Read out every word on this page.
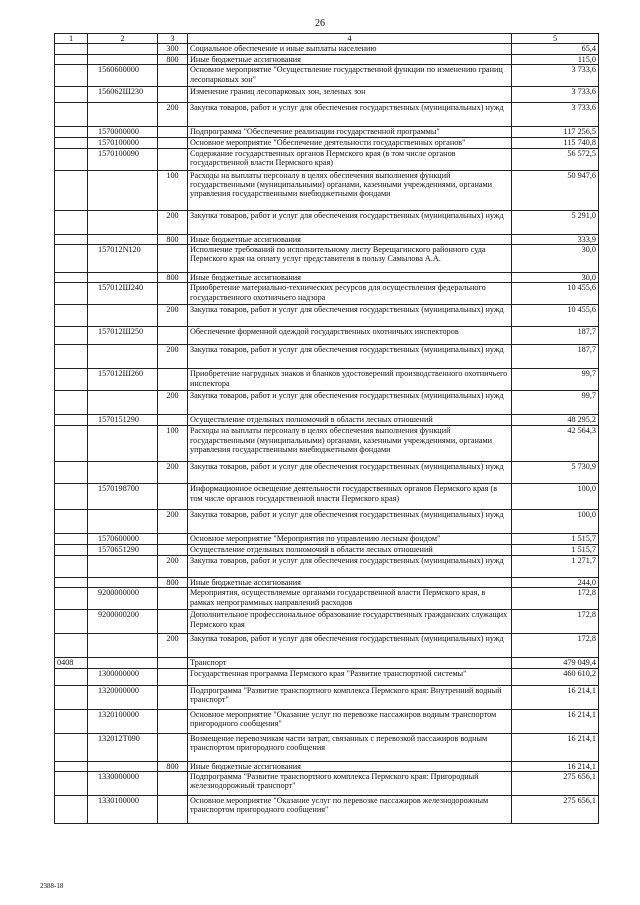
26
1	2	3	4	5
		300	Социальное обеспечение и иные выплаты населению	65,4
		800	Иные бюджетные ассигнования	115,0
	1560600000		Основное мероприятие "Осуществление государственной функции по изменению границ лесопарковых зон"	3 733,6
	156062Ш230		Изменение границ лесопарковых зон, зеленых зон	3 733,6
		200	Закупка товаров, работ и услуг для обеспечения государственных (муниципальных) нужд	3 733,6
	1570000000		Подпрограмма "Обеспечение реализации государственной программы"	117 256,5
	1570100000		Основное мероприятие "Обеспечение деятельности государственных органов"	115 740,8
	1570100090		Содержание государственных органов Пермского края (в том числе органов государственной власти Пермского края)	56 572,5
		100	Расходы на выплаты персоналу в целях обеспечения выполнения функций государственными (муниципальными) органами, казенными учреждениями, органами управления государственными внебюджетными фондами	50 947,6
		200	Закупка товаров, работ и услуг для обеспечения государственных (муниципальных) нужд	5 291,0
		800	Иные бюджетные ассигнования	333,9
	157012N120		Исполнение требований по исполнительному листу Верещагинского районного суда Пермского края на оплату услуг представителя в пользу Самылова А.А.	30,0
		800	Иные бюджетные ассигнования	30,0
	157012Ш240		Приобретение материально-технических ресурсов для осуществления федерального государственного охотничьего надзора	10 455,6
		200	Закупка товаров, работ и услуг для обеспечения государственных (муниципальных) нужд	10 455,6
	157012Ш250		Обеспечение форменной одеждой государственных охотничьих инспекторов	187,7
		200	Закупка товаров, работ и услуг для обеспечения государственных (муниципальных) нужд	187,7
	157012Ш260		Приобретение нагрудных знаков и бланков удостоверений производственного охотничьего инспектора	99,7
		200	Закупка товаров, работ и услуг для обеспечения государственных (муниципальных) нужд	99,7
	1570151290		Осуществление отдельных полномочий в области лесных отношений	48 295,2
		100	Расходы на выплаты персоналу в целях обеспечения выполнения функций государственными (муниципальными) органами, казенными учреждениями, органами управления государственными внебюджетными фондами	42 564,3
		200	Закупка товаров, работ и услуг для обеспечения государственных (муниципальных) нужд	5 730,9
	1570198700		Информационное освещение деятельности государственных органов Пермского края (в том числе органов государственной власти Пермского края)	100,0
		200	Закупка товаров, работ и услуг для обеспечения государственных (муниципальных) нужд	100,0
	1570600000		Основное мероприятие "Мероприятия по управлению лесным фондом"	1 515,7
	1570651290		Осуществление отдельных полномочий в области лесных отношений	1 515,7
		200	Закупка товаров, работ и услуг для обеспечения государственных (муниципальных) нужд	1 271,7
		800	Иные бюджетные ассигнования	244,0
	9200000000		Мероприятия, осуществляемые органами государственной власти Пермского края, в рамках непрограммных направлений расходов	172,8
	9200000200		Дополнительное профессиональное образование государственных гражданских служащих Пермского края	172,8
		200	Закупка товаров, работ и услуг для обеспечения государственных (муниципальных) нужд	172,8
0408			Транспорт	479 049,4
	1300000000		Государственная программа Пермского края "Развитие транспортной системы"	460 610,2
	1320000000		Подпрограмма "Развитие транспортного комплекса Пермского края: Внутренний водный транспорт"	16 214,1
	1320100000		Основное мероприятие "Оказание услуг по перевозке пассажиров водным транспортом пригородного сообщения"	16 214,1
	132012Т090		Возмещение перевозчикам части затрат, связанных с перевозкой пассажиров водным транспортом пригородного сообщения	16 214,1
		800	Иные бюджетные ассигнования	16 214,1
	1330000000		Подпрограмма "Развитие транспортного комплекса Пермского края: Пригородный железнодорожный транспорт"	275 656,1
	1330100000		Основное мероприятие "Оказание услуг по перевозке пассажиров железнодорожным транспортом пригородного сообщения"	275 656,1
2388-18
